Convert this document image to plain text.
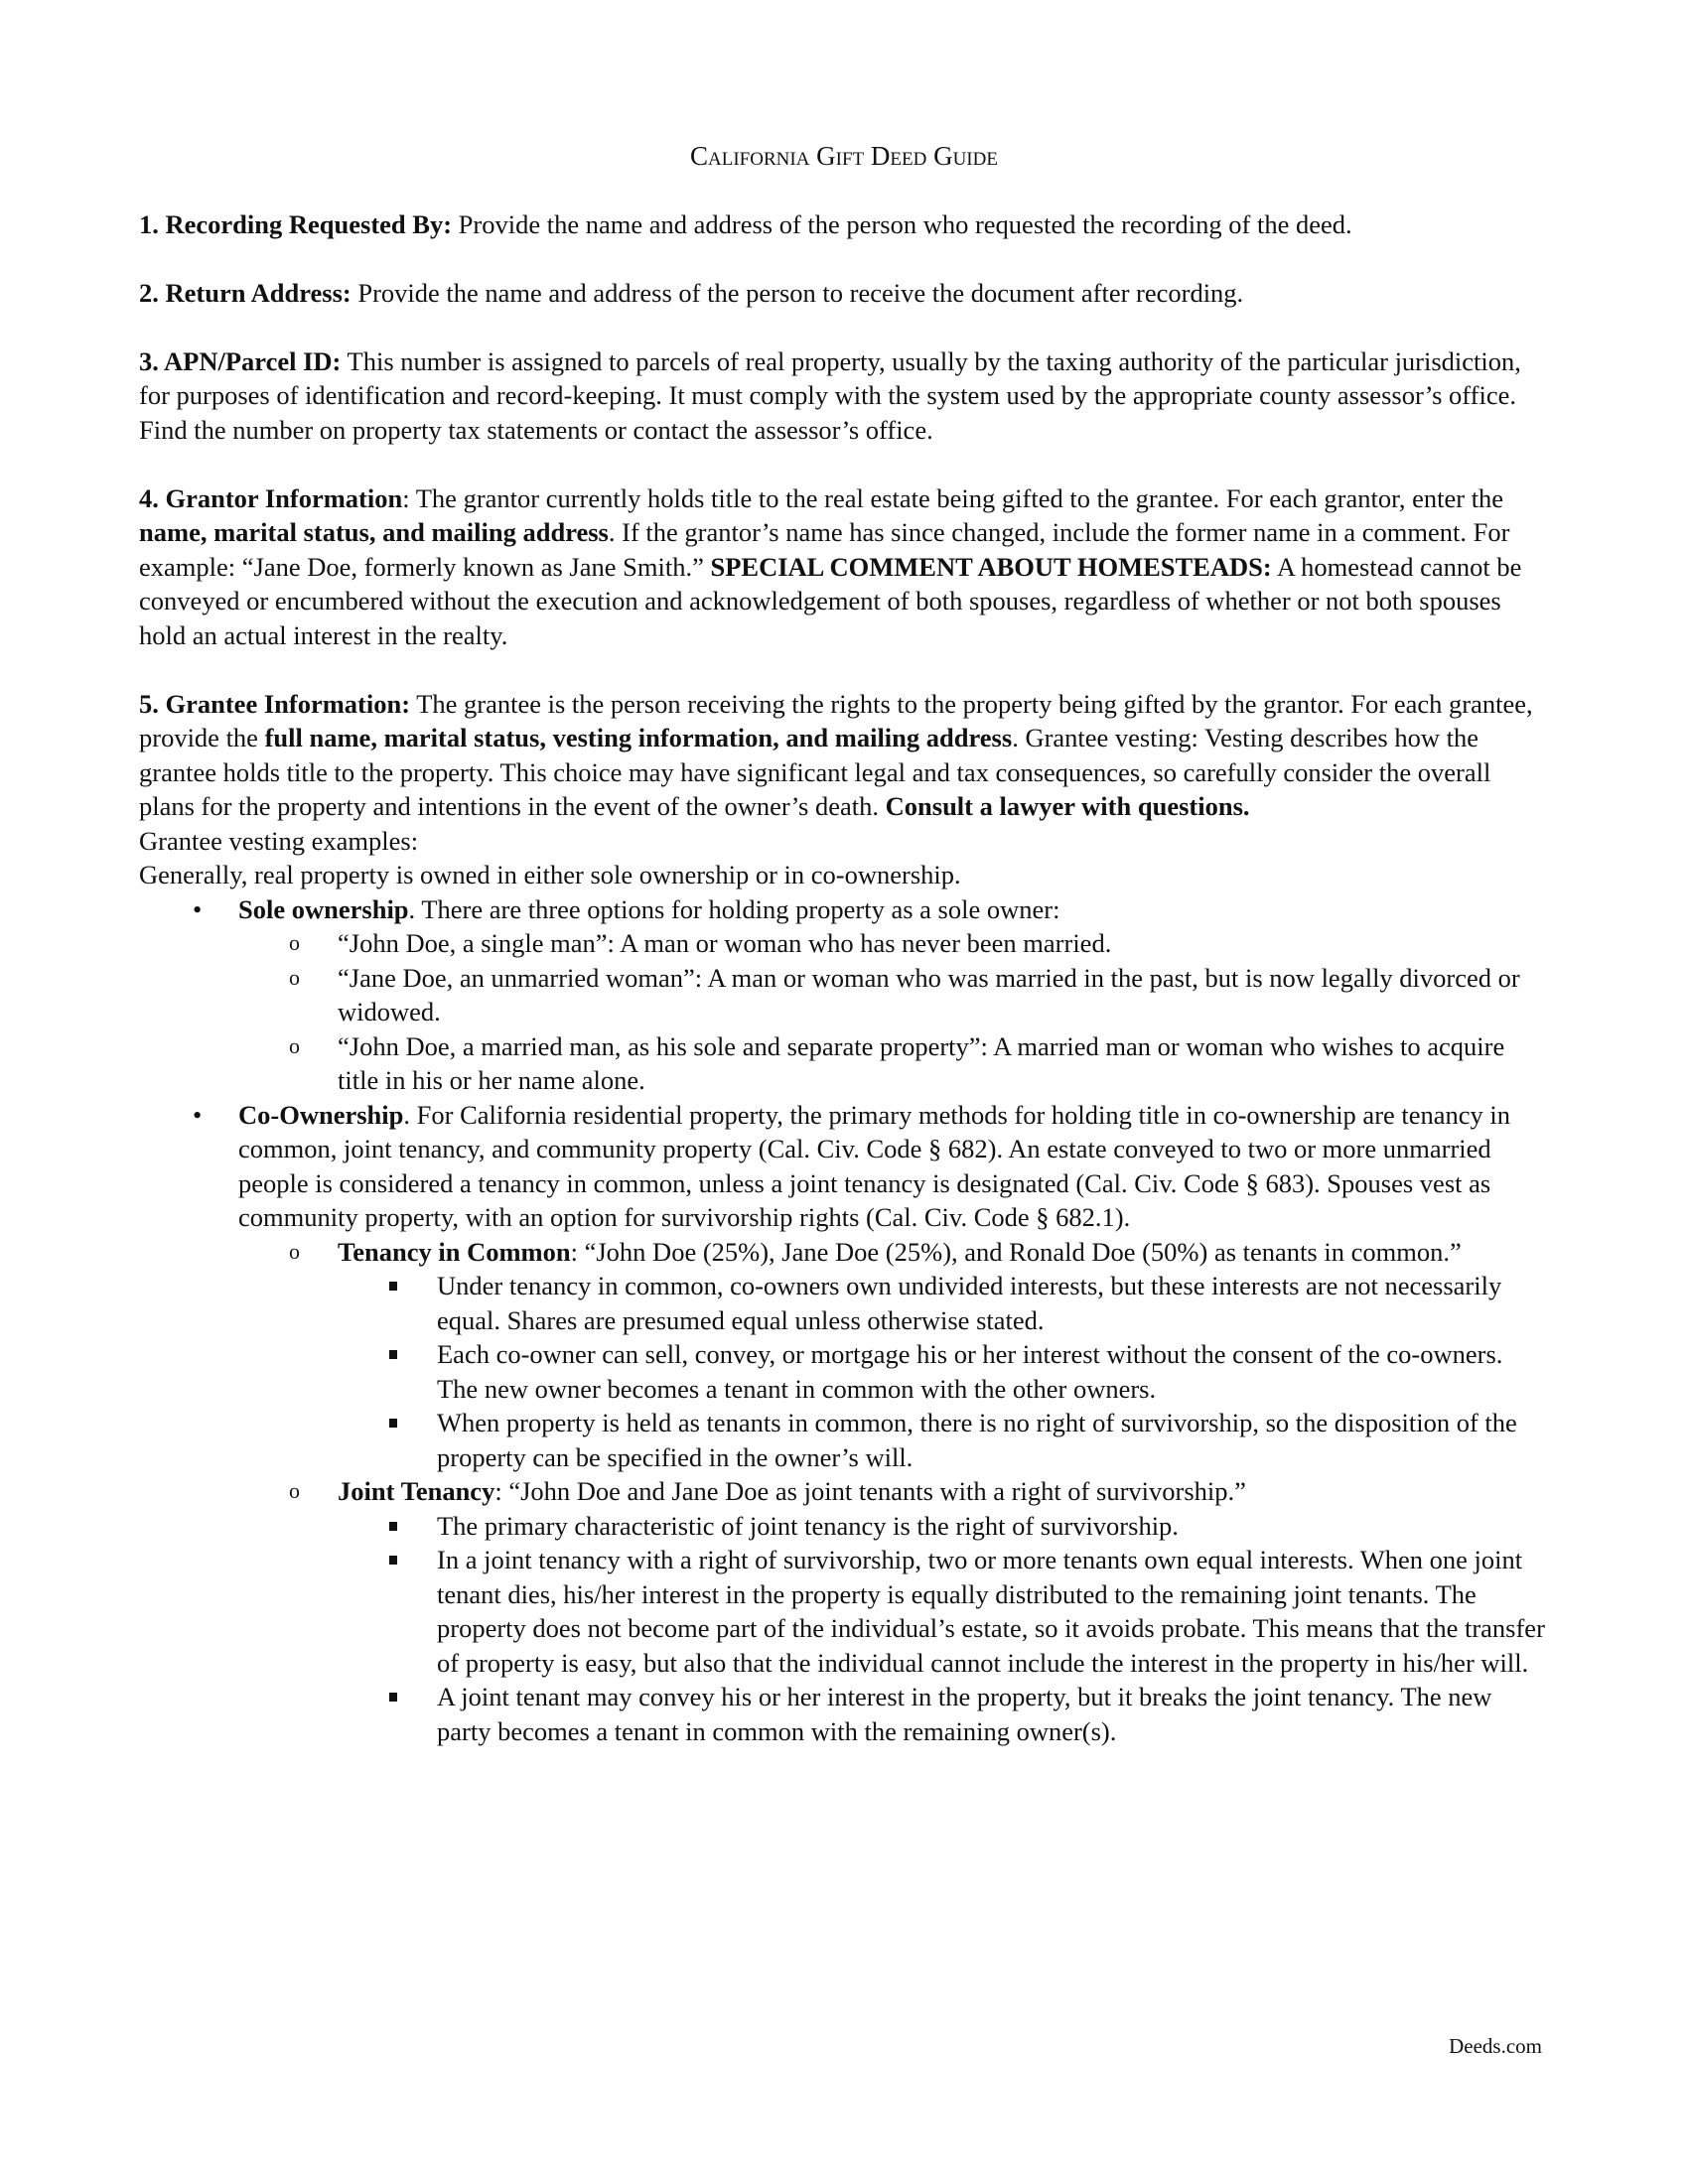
California Gift Deed Guide

1. Recording Requested By: Provide the name and address of the person who requested the recording of the deed.

2. Return Address: Provide the name and address of the person to receive the document after recording.

3. APN/Parcel ID: This number is assigned to parcels of real property, usually by the taxing authority of the particular jurisdiction, for purposes of identification and record-keeping. It must comply with the system used by the appropriate county assessor’s office. Find the number on property tax statements or contact the assessor’s office.

4. Grantor Information: The grantor currently holds title to the real estate being gifted to the grantee. For each grantor, enter the name, marital status, and mailing address. If the grantor’s name has since changed, include the former name in a comment. For example: “Jane Doe, formerly known as Jane Smith.” SPECIAL COMMENT ABOUT HOMESTEADS: A homestead cannot be conveyed or encumbered without the execution and acknowledgement of both spouses, regardless of whether or not both spouses hold an actual interest in the realty.

5. Grantee Information: The grantee is the person receiving the rights to the property being gifted by the grantor. For each grantee, provide the full name, marital status, vesting information, and mailing address. Grantee vesting: Vesting describes how the grantee holds title to the property. This choice may have significant legal and tax consequences, so carefully consider the overall plans for the property and intentions in the event of the owner’s death. Consult a lawyer with questions.

Grantee vesting examples:

Generally, real property is owned in either sole ownership or in co-ownership.

• Sole ownership. There are three options for holding property as a sole owner:
o “John Doe, a single man”: A man or woman who has never been married.
o “Jane Doe, an unmarried woman”: A man or woman who was married in the past, but is now legally divorced or widowed.
o “John Doe, a married man, as his sole and separate property”: A married man or woman who wishes to acquire title in his or her name alone.
• Co-Ownership. For California residential property, the primary methods for holding title in co-ownership are tenancy in common, joint tenancy, and community property (Cal. Civ. Code § 682). An estate conveyed to two or more unmarried people is considered a tenancy in common, unless a joint tenancy is designated (Cal. Civ. Code § 683). Spouses vest as community property, with an option for survivorship rights (Cal. Civ. Code § 682.1).
o Tenancy in Common: “John Doe (25%), Jane Doe (25%), and Ronald Doe (50%) as tenants in common.”
Under tenancy in common, co-owners own undivided interests, but these interests are not necessarily equal. Shares are presumed equal unless otherwise stated.
Each co-owner can sell, convey, or mortgage his or her interest without the consent of the co-owners. The new owner becomes a tenant in common with the other owners.
When property is held as tenants in common, there is no right of survivorship, so the disposition of the property can be specified in the owner’s will.
o Joint Tenancy: “John Doe and Jane Doe as joint tenants with a right of survivorship.”
The primary characteristic of joint tenancy is the right of survivorship.
In a joint tenancy with a right of survivorship, two or more tenants own equal interests. When one joint tenant dies, his/her interest in the property is equally distributed to the remaining joint tenants. The property does not become part of the individual’s estate, so it avoids probate. This means that the transfer of property is easy, but also that the individual cannot include the interest in the property in his/her will.
A joint tenant may convey his or her interest in the property, but it breaks the joint tenancy. The new party becomes a tenant in common with the remaining owner(s).
Deeds.com
